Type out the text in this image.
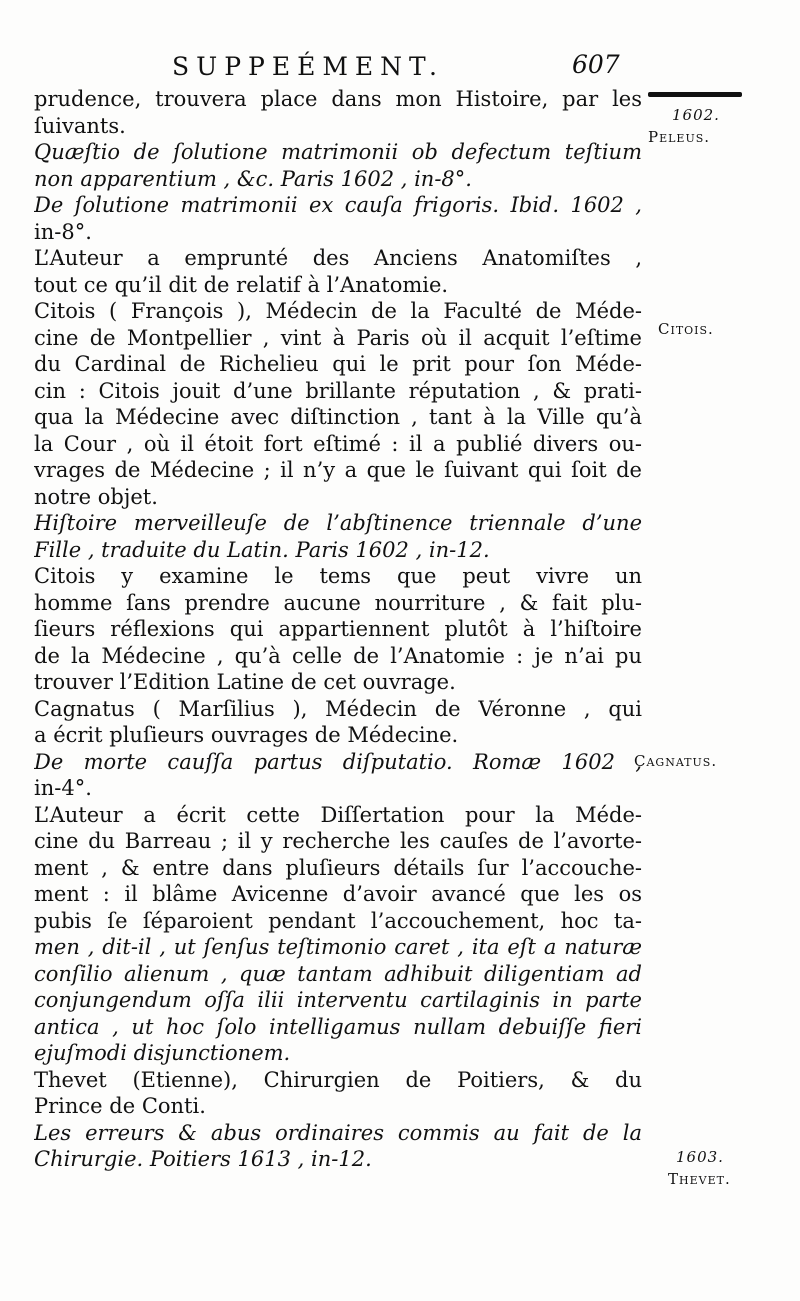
SUPPEÉMENT.	607
1602.
Peleus.
Citois.
Cagnatus.
1603.
Thevet.
prudence, trouvera place dans mon Histoire, par les
ſuivants.
Quæſtio de ſolutione matrimonii ob defectum teſtium
non apparentium , &c. Paris 1602 , in-8°.
De ſolutione matrimonii ex cauſa frigoris. Ibid. 1602 ,
in-8°.
L’Auteur a emprunté des Anciens Anatomiſtes ,
tout ce qu’il dit de relatif à l’Anatomie.
Citois ( François ), Médecin de la Faculté de Méde-
cine de Montpellier , vint à Paris où il acquit l’eſtime
du Cardinal de Richelieu qui le prit pour ſon Méde-
cin : Citois jouit d’une brillante réputation , & prati-
qua la Médecine avec diſtinction , tant à la Ville qu’à
la Cour , où il étoit fort eſtimé : il a publié divers ou-
vrages de Médecine ; il n’y a que le ſuivant qui ſoit de
notre objet.
Hiſtoire merveilleuſe de l’abſtinence triennale d’une
Fille , traduite du Latin. Paris 1602 , in-12.
Citois y examine le tems que peut vivre un
homme ſans prendre aucune nourriture , & fait plu-
ſieurs réflexions qui appartiennent plutôt à l’hiſtoire
de la Médecine , qu’à celle de l’Anatomie : je n’ai pu
trouver l’Edition Latine de cet ouvrage.
Cagnatus ( Marſilius ), Médecin de Véronne , qui
a écrit pluſieurs ouvrages de Médecine.
De morte cauſſa partus diſputatio. Romæ 1602 ,
in-4°.
L’Auteur a écrit cette Diſſertation pour la Méde-
cine du Barreau ; il y recherche les cauſes de l’avorte-
ment , & entre dans pluſieurs détails ſur l’accouche-
ment : il blâme Avicenne d’avoir avancé que les os
pubis ſe ſéparoient pendant l’accouchement, hoc ta-
men , dit-il , ut ſenſus teſtimonio caret , ita eſt a naturæ
conſilio alienum , quæ tantam adhibuit diligentiam ad
conjungendum oſſa ilii interventu cartilaginis in parte
antica , ut hoc ſolo intelligamus nullam debuiſſe fieri
ejuſmodi disjunctionem.
Thevet (Etienne), Chirurgien de Poitiers, & du
Prince de Conti.
Les erreurs & abus ordinaires commis au fait de la
Chirurgie. Poitiers 1613 , in-12.
